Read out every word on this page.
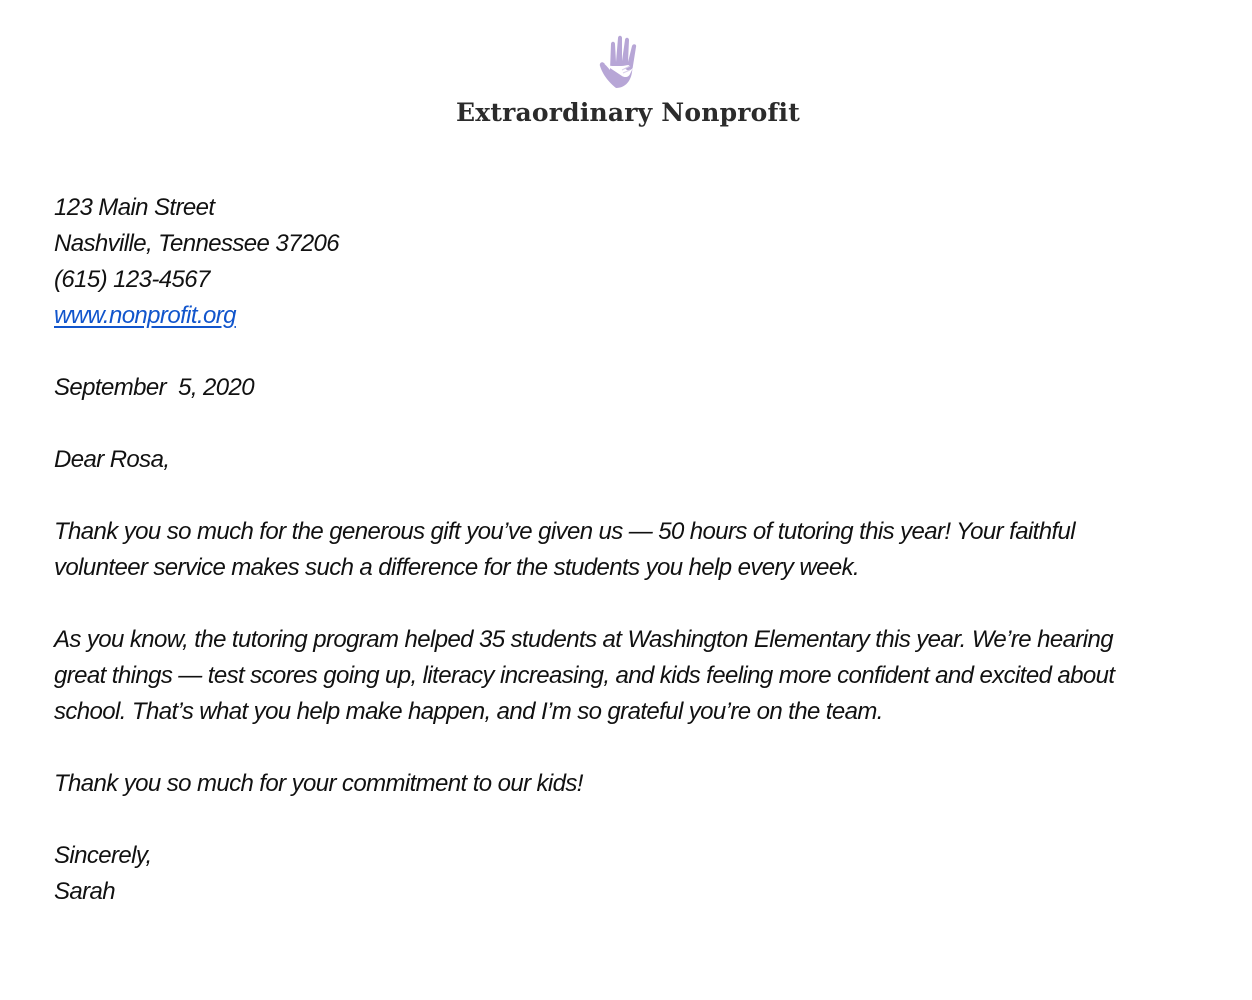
Extraordinary Nonprofit
123 Main Street
Nashville, Tennessee 37206
(615) 123-4567
www.nonprofit.org
September  5, 2020
Dear Rosa,
Thank you so much for the generous gift you’ve given us — 50 hours of tutoring this year! Your faithful
volunteer service makes such a difference for the students you help every week.
As you know, the tutoring program helped 35 students at Washington Elementary this year. We’re hearing
great things — test scores going up, literacy increasing, and kids feeling more confident and excited about
school. That’s what you help make happen, and I’m so grateful you’re on the team.
Thank you so much for your commitment to our kids!
Sincerely,
Sarah
